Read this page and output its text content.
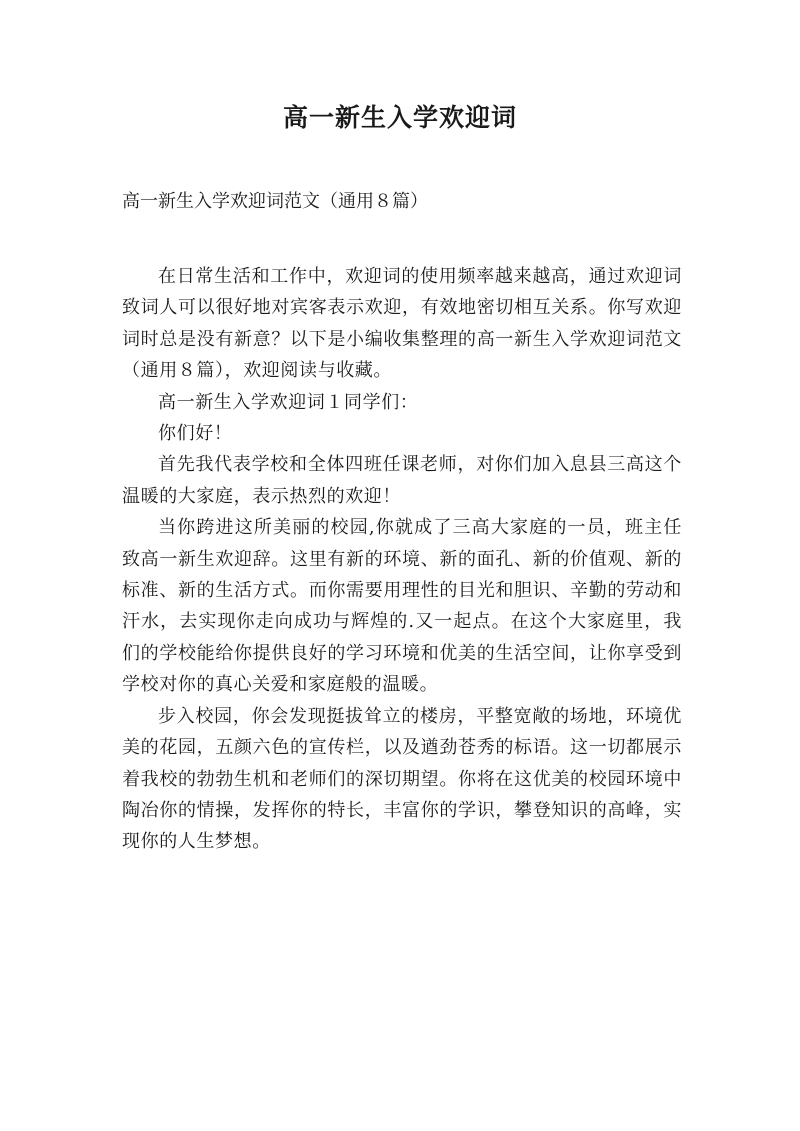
高一新生入学欢迎词
高一新生入学欢迎词范文（通用８篇）

在日常生活和工作中，欢迎词的使用频率越来越高，通过欢迎词致词人可以很好地对宾客表示欢迎，有效地密切相互关系。你写欢迎词时总是没有新意？以下是小编收集整理的高一新生入学欢迎词范文（通用８篇），欢迎阅读与收藏。

高一新生入学欢迎词１同学们：

你们好！

首先我代表学校和全体四班任课老师，对你们加入息县三高这个温暖的大家庭，表示热烈的欢迎！

当你跨进这所美丽的校园,你就成了三高大家庭的一员，班主任致高一新生欢迎辞。这里有新的环境、新的面孔、新的价值观、新的标准、新的生活方式。而你需要用理性的目光和胆识、辛勤的劳动和汗水，去实现你走向成功与辉煌的.又一起点。在这个大家庭里，我们的学校能给你提供良好的学习环境和优美的生活空间，让你享受到学校对你的真心关爱和家庭般的温暖。

步入校园，你会发现挺拔耸立的楼房，平整宽敞的场地，环境优美的花园，五颜六色的宣传栏，以及遒劲苍秀的标语。这一切都展示着我校的勃勃生机和老师们的深切期望。你将在这优美的校园环境中陶冶你的情操，发挥你的特长，丰富你的学识，攀登知识的高峰，实现你的人生梦想。
